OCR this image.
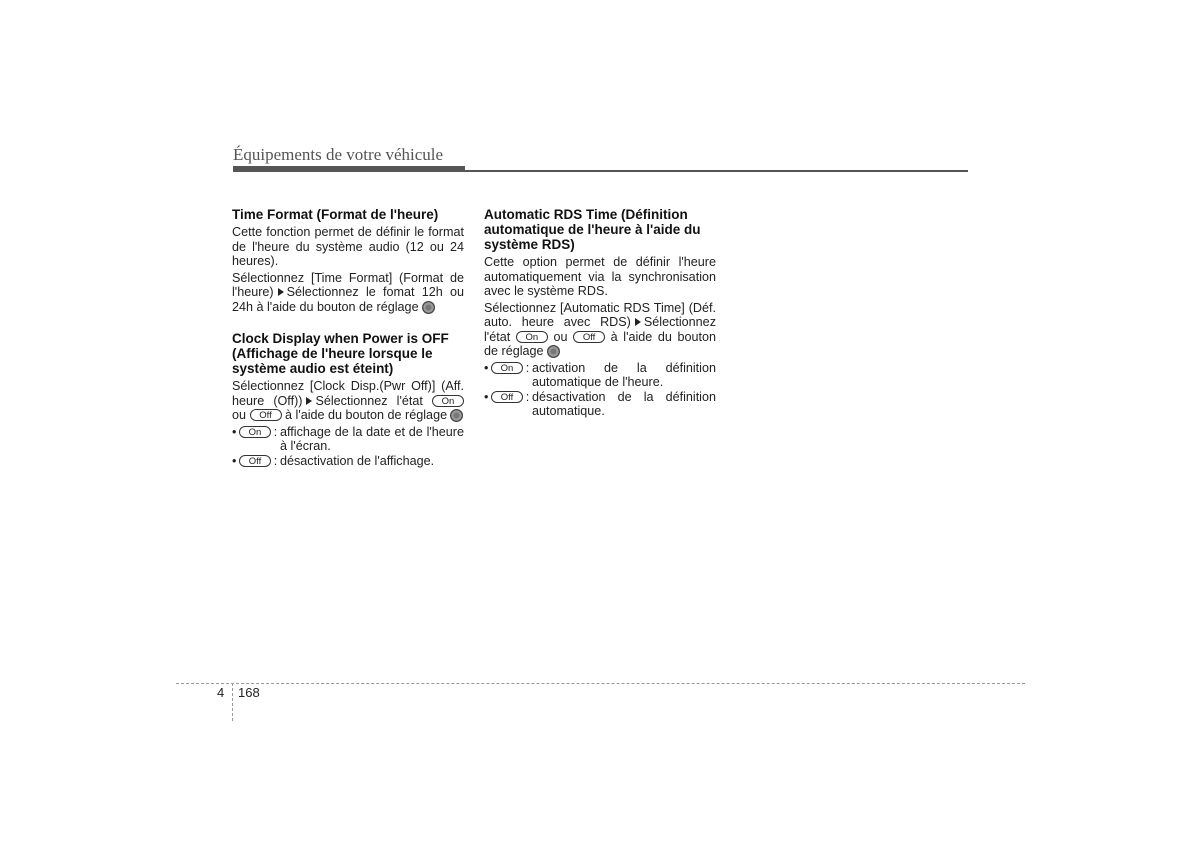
Équipements de votre véhicule
Time Format (Format de l'heure)

Cette fonction permet de définir le format de l'heure du système audio (12 ou 24 heures).

Sélectionnez [Time Format] (Format de l'heure) Sélectionnez le fomat 12h ou 24h à l'aide du bouton de réglage

Clock Display when Power is OFF (Affichage de l'heure lorsque le système audio est éteint)

Sélectionnez [Clock Disp.(Pwr Off)] (Aff. heure (Off)) Sélectionnez l'état On ou Off à l'aide du bouton de réglage

• On : affichage de la date et de l'heure à l'écran.
• Off : désactivation de l'affichage.
Automatic RDS Time (Définition automatique de l'heure à l'aide du système RDS)

Cette option permet de définir l'heure automatiquement via la synchronisation avec le système RDS.

Sélectionnez [Automatic RDS Time] (Déf. auto. heure avec RDS) Sélectionnez l'état On ou Off à l'aide du bouton de réglage

• On : activation de la définition automatique de l'heure.
• Off : désactivation de la définition automatique.
4 168
